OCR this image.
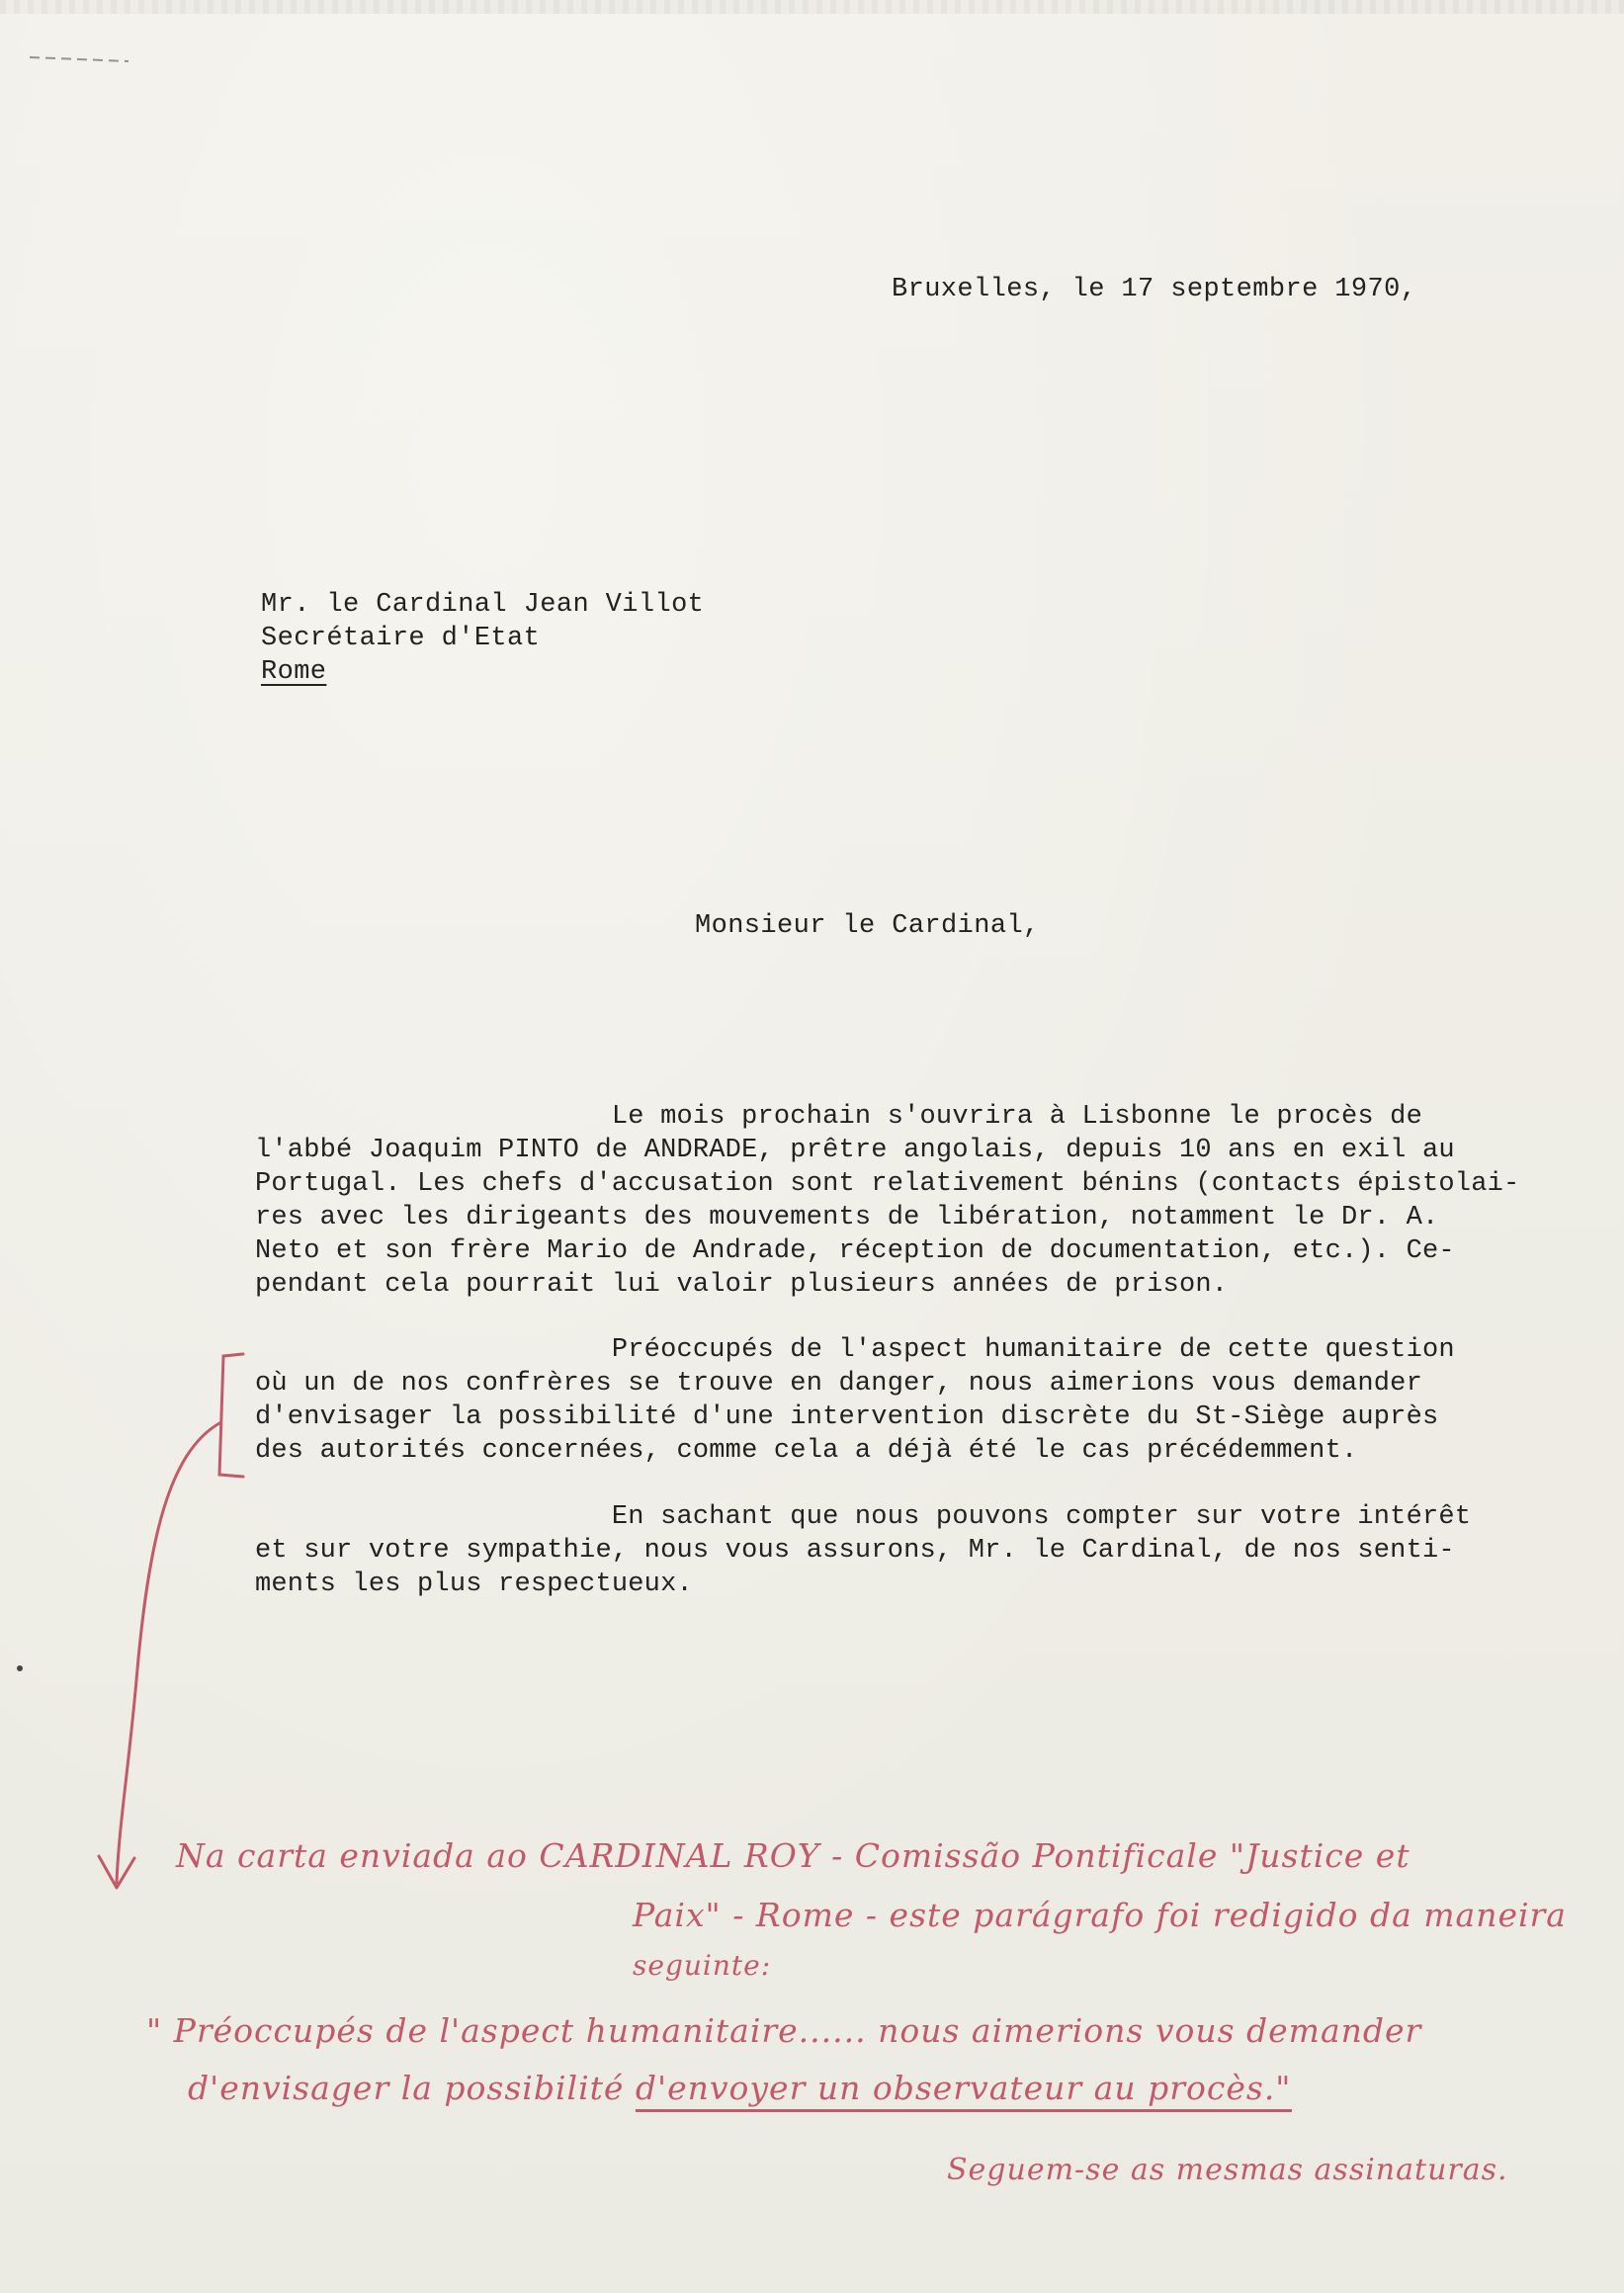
Bruxelles, le 17 septembre 1970,
Mr. le Cardinal Jean Villot
Secrétaire d'Etat
Rome
Monsieur le Cardinal,
Le mois prochain s'ouvrira à Lisbonne le procès de
l'abbé Joaquim PINTO de ANDRADE, prêtre angolais, depuis 10 ans en exil au
Portugal. Les chefs d'accusation sont relativement bénins (contacts épistolai-
res avec les dirigeants des mouvements de libération, notamment le Dr. A.
Neto et son frère Mario de Andrade, réception de documentation, etc.). Ce-
pendant cela pourrait lui valoir plusieurs années de prison.
Préoccupés de l'aspect humanitaire de cette question
où un de nos confrères se trouve en danger, nous aimerions vous demander
d'envisager la possibilité d'une intervention discrète du St-Siège auprès
des autorités concernées, comme cela a déjà été le cas précédemment.
En sachant que nous pouvons compter sur votre intérêt
et sur votre sympathie, nous vous assurons, Mr. le Cardinal, de nos senti-
ments les plus respectueux.
Na carta enviada ao CARDINAL ROY - Comissão Pontificale "Justice et
Paix" - Rome - este parágrafo foi redigido da maneira
seguinte:
" Préoccupés de l'aspect humanitaire...... nous aimerions vous demander
d'envisager la possibilité d'envoyer un observateur au procès."
Seguem-se as mesmas assinaturas.
